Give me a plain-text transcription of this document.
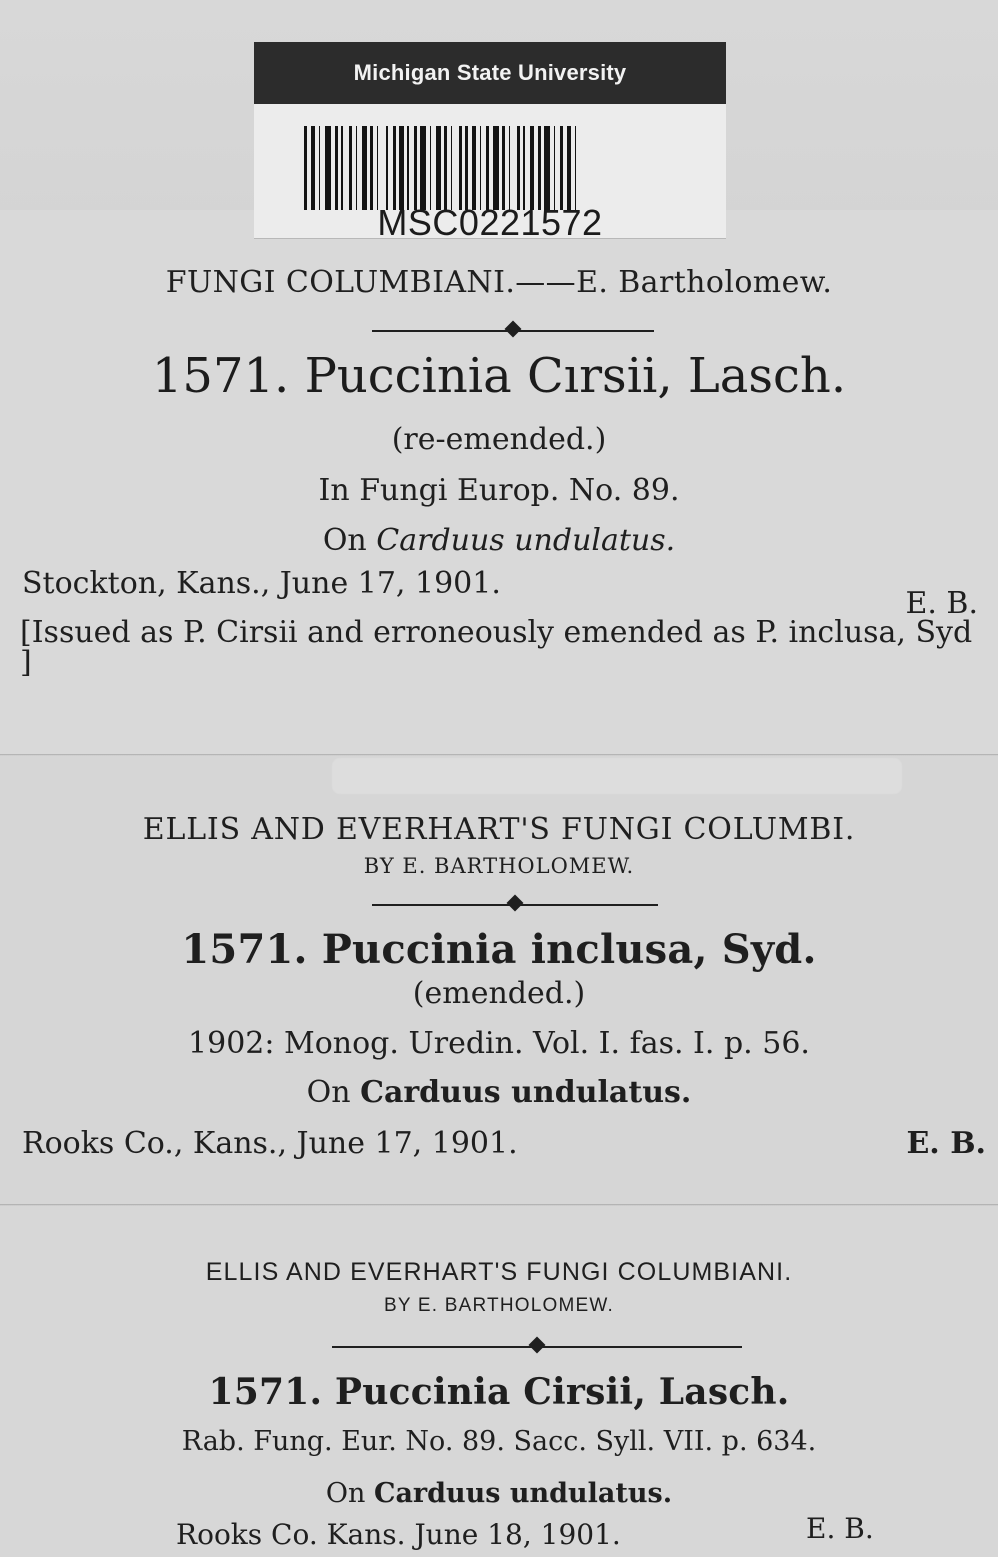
Michigan State University
MSC0221572
FUNGI COLUMBIANI.——E. Bartholomew.
1571. Puccinia Cırsii, Lasch.
(re-emended.)
In Fungi Europ. No. 89.
On Carduus undulatus.
Stockton, Kans., June 17, 1901.
E. B.
[Issued as P. Cirsii and erroneously emended as P. inclusa, Syd ]
ELLIS AND EVERHART'S FUNGI COLUMBI.
BY E. BARTHOLOMEW.
1571. Puccinia inclusa, Syd.
(emended.)
1902: Monog. Uredin. Vol. I. fas. I. p. 56.
On Carduus undulatus.
Rooks Co., Kans., June 17, 1901.	E. B.
ELLIS AND EVERHART'S FUNGI COLUMBIANI.
BY E. BARTHOLOMEW.
1571. Puccinia Cirsii, Lasch.
Rab. Fung. Eur. No. 89. Sacc. Syll. VII. p. 634.
On Carduus undulatus.
Rooks Co. Kans. June 18, 1901.	E. B.
